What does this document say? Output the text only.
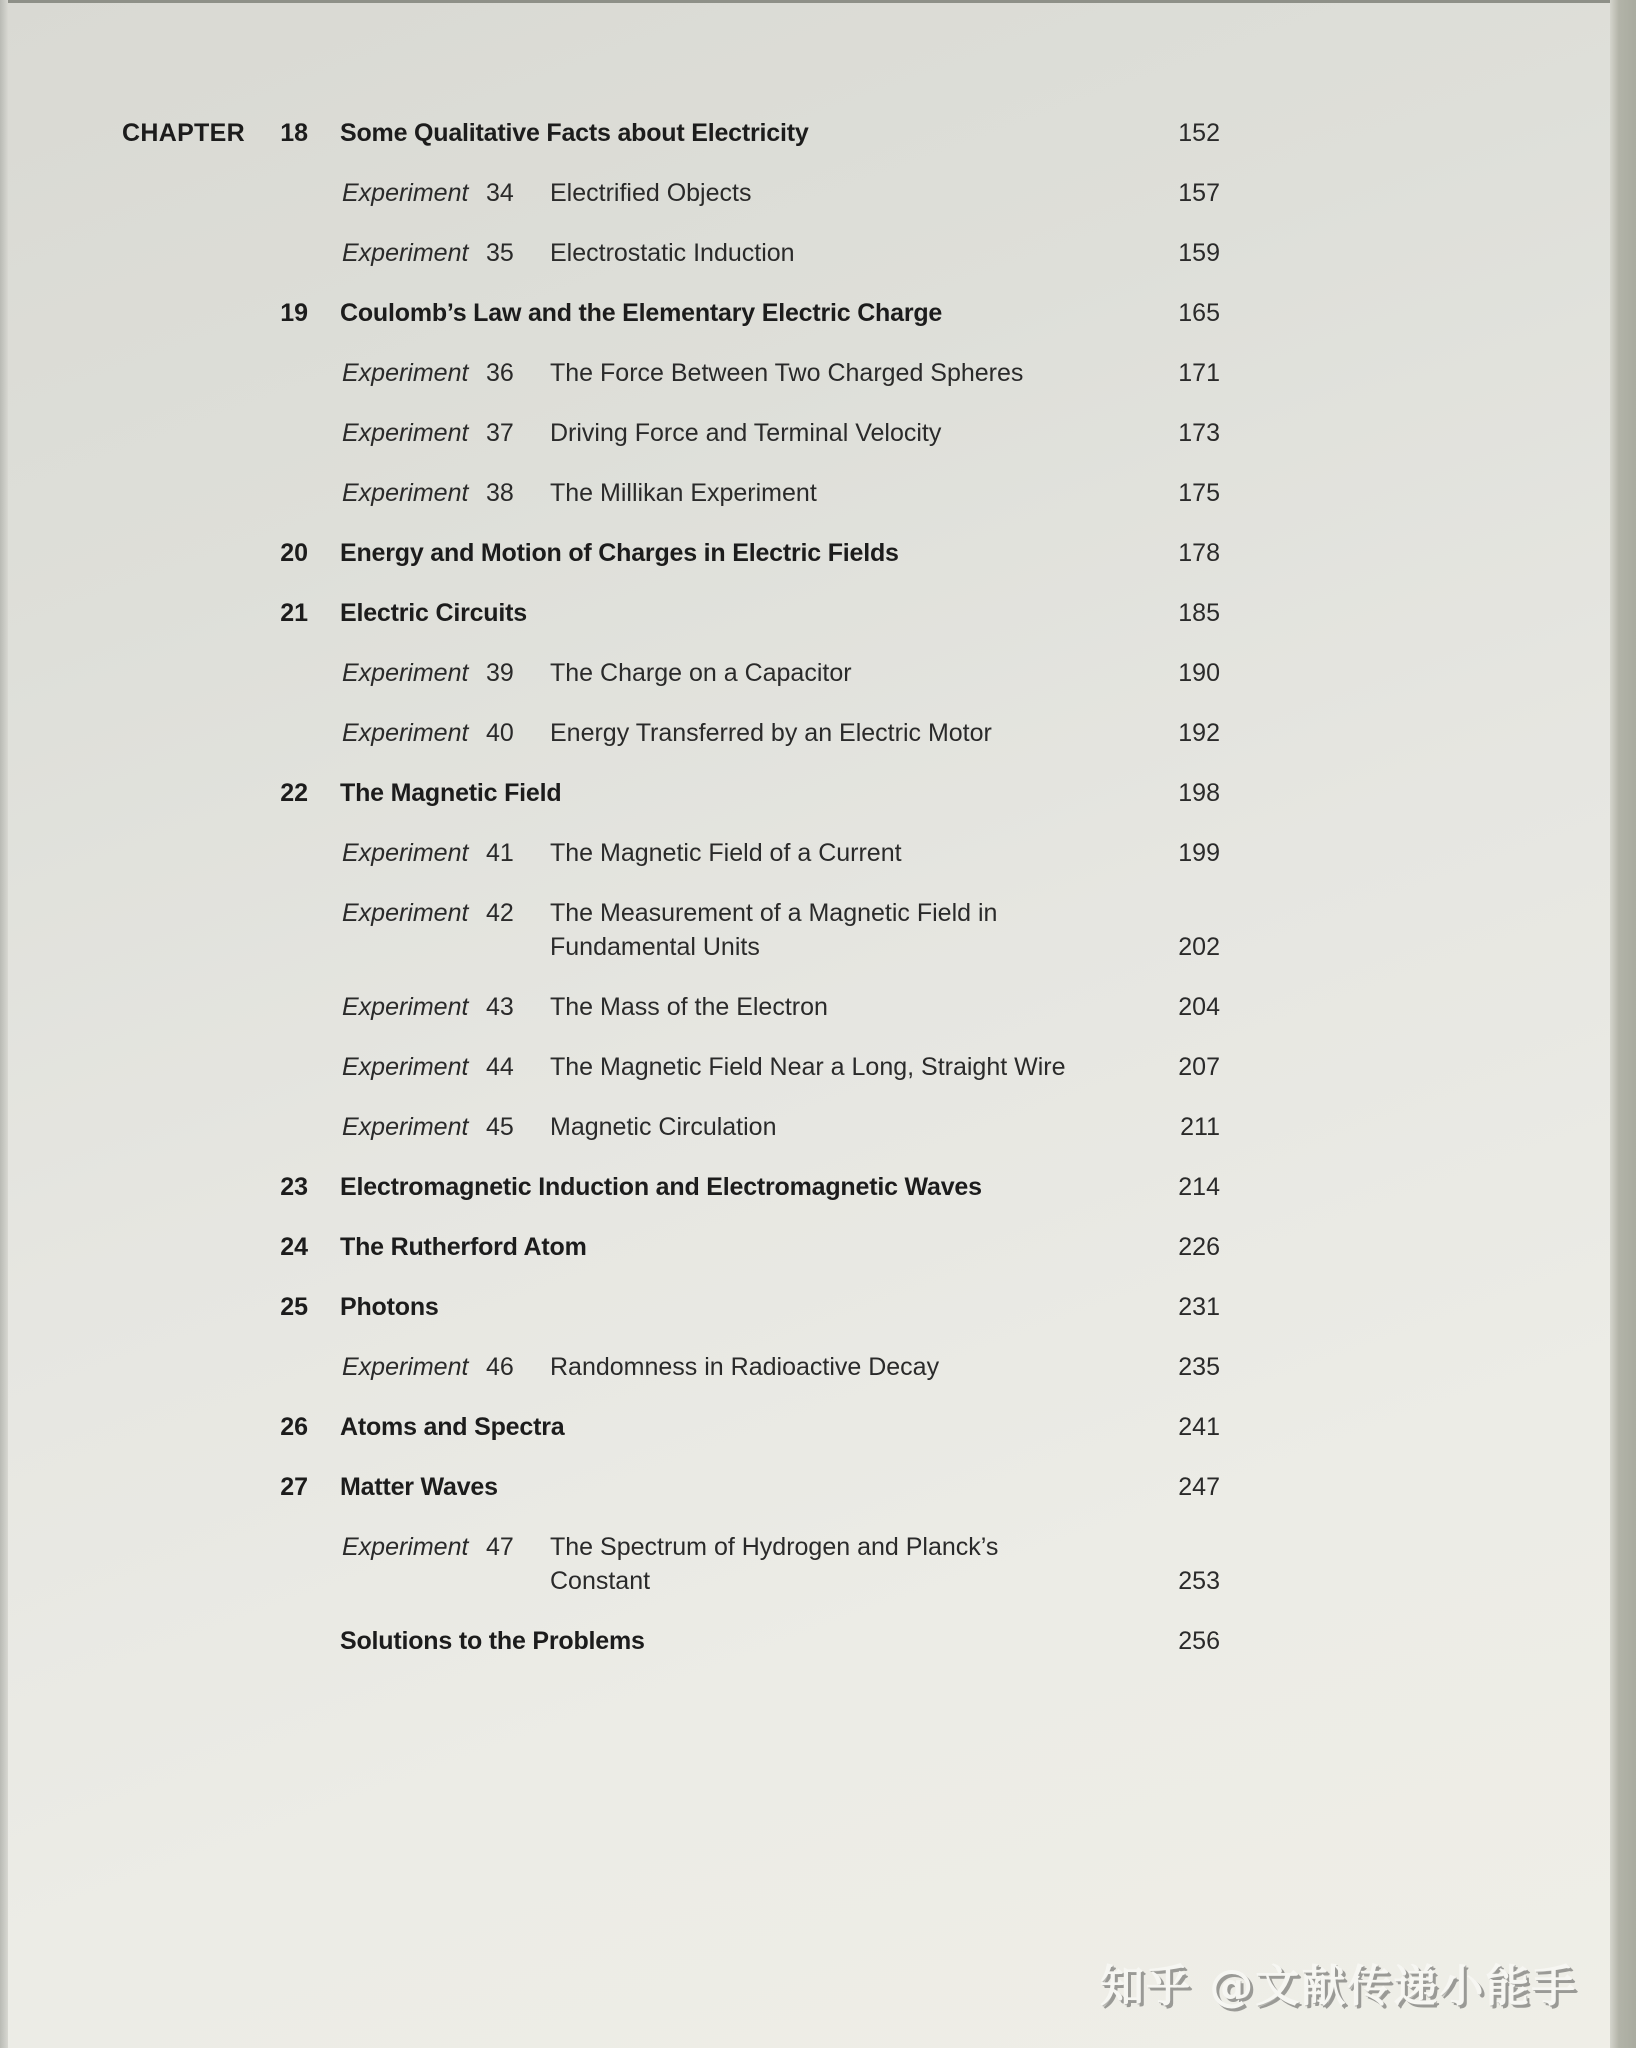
CHAPTER 18 Some Qualitative Facts about Electricity	152
Experiment 34 Electrified Objects	157
Experiment 35 Electrostatic Induction	159
19 Coulomb’s Law and the Elementary Electric Charge	165
Experiment 36 The Force Between Two Charged Spheres	171
Experiment 37 Driving Force and Terminal Velocity	173
Experiment 38 The Millikan Experiment	175
20 Energy and Motion of Charges in Electric Fields	178
21 Electric Circuits	185
Experiment 39 The Charge on a Capacitor	190
Experiment 40 Energy Transferred by an Electric Motor	192
22 The Magnetic Field	198
Experiment 41 The Magnetic Field of a Current	199
Experiment 42 The Measurement of a Magnetic Field in
Fundamental Units	202
Experiment 43 The Mass of the Electron	204
Experiment 44 The Magnetic Field Near a Long, Straight Wire	207
Experiment 45 Magnetic Circulation	211
23 Electromagnetic Induction and Electromagnetic Waves	214
24 The Rutherford Atom	226
25 Photons	231
Experiment 46 Randomness in Radioactive Decay	235
26 Atoms and Spectra	241
27 Matter Waves	247
Experiment 47 The Spectrum of Hydrogen and Planck’s
Constant	253
Solutions to the Problems	256
知乎 @文献传递小能手
